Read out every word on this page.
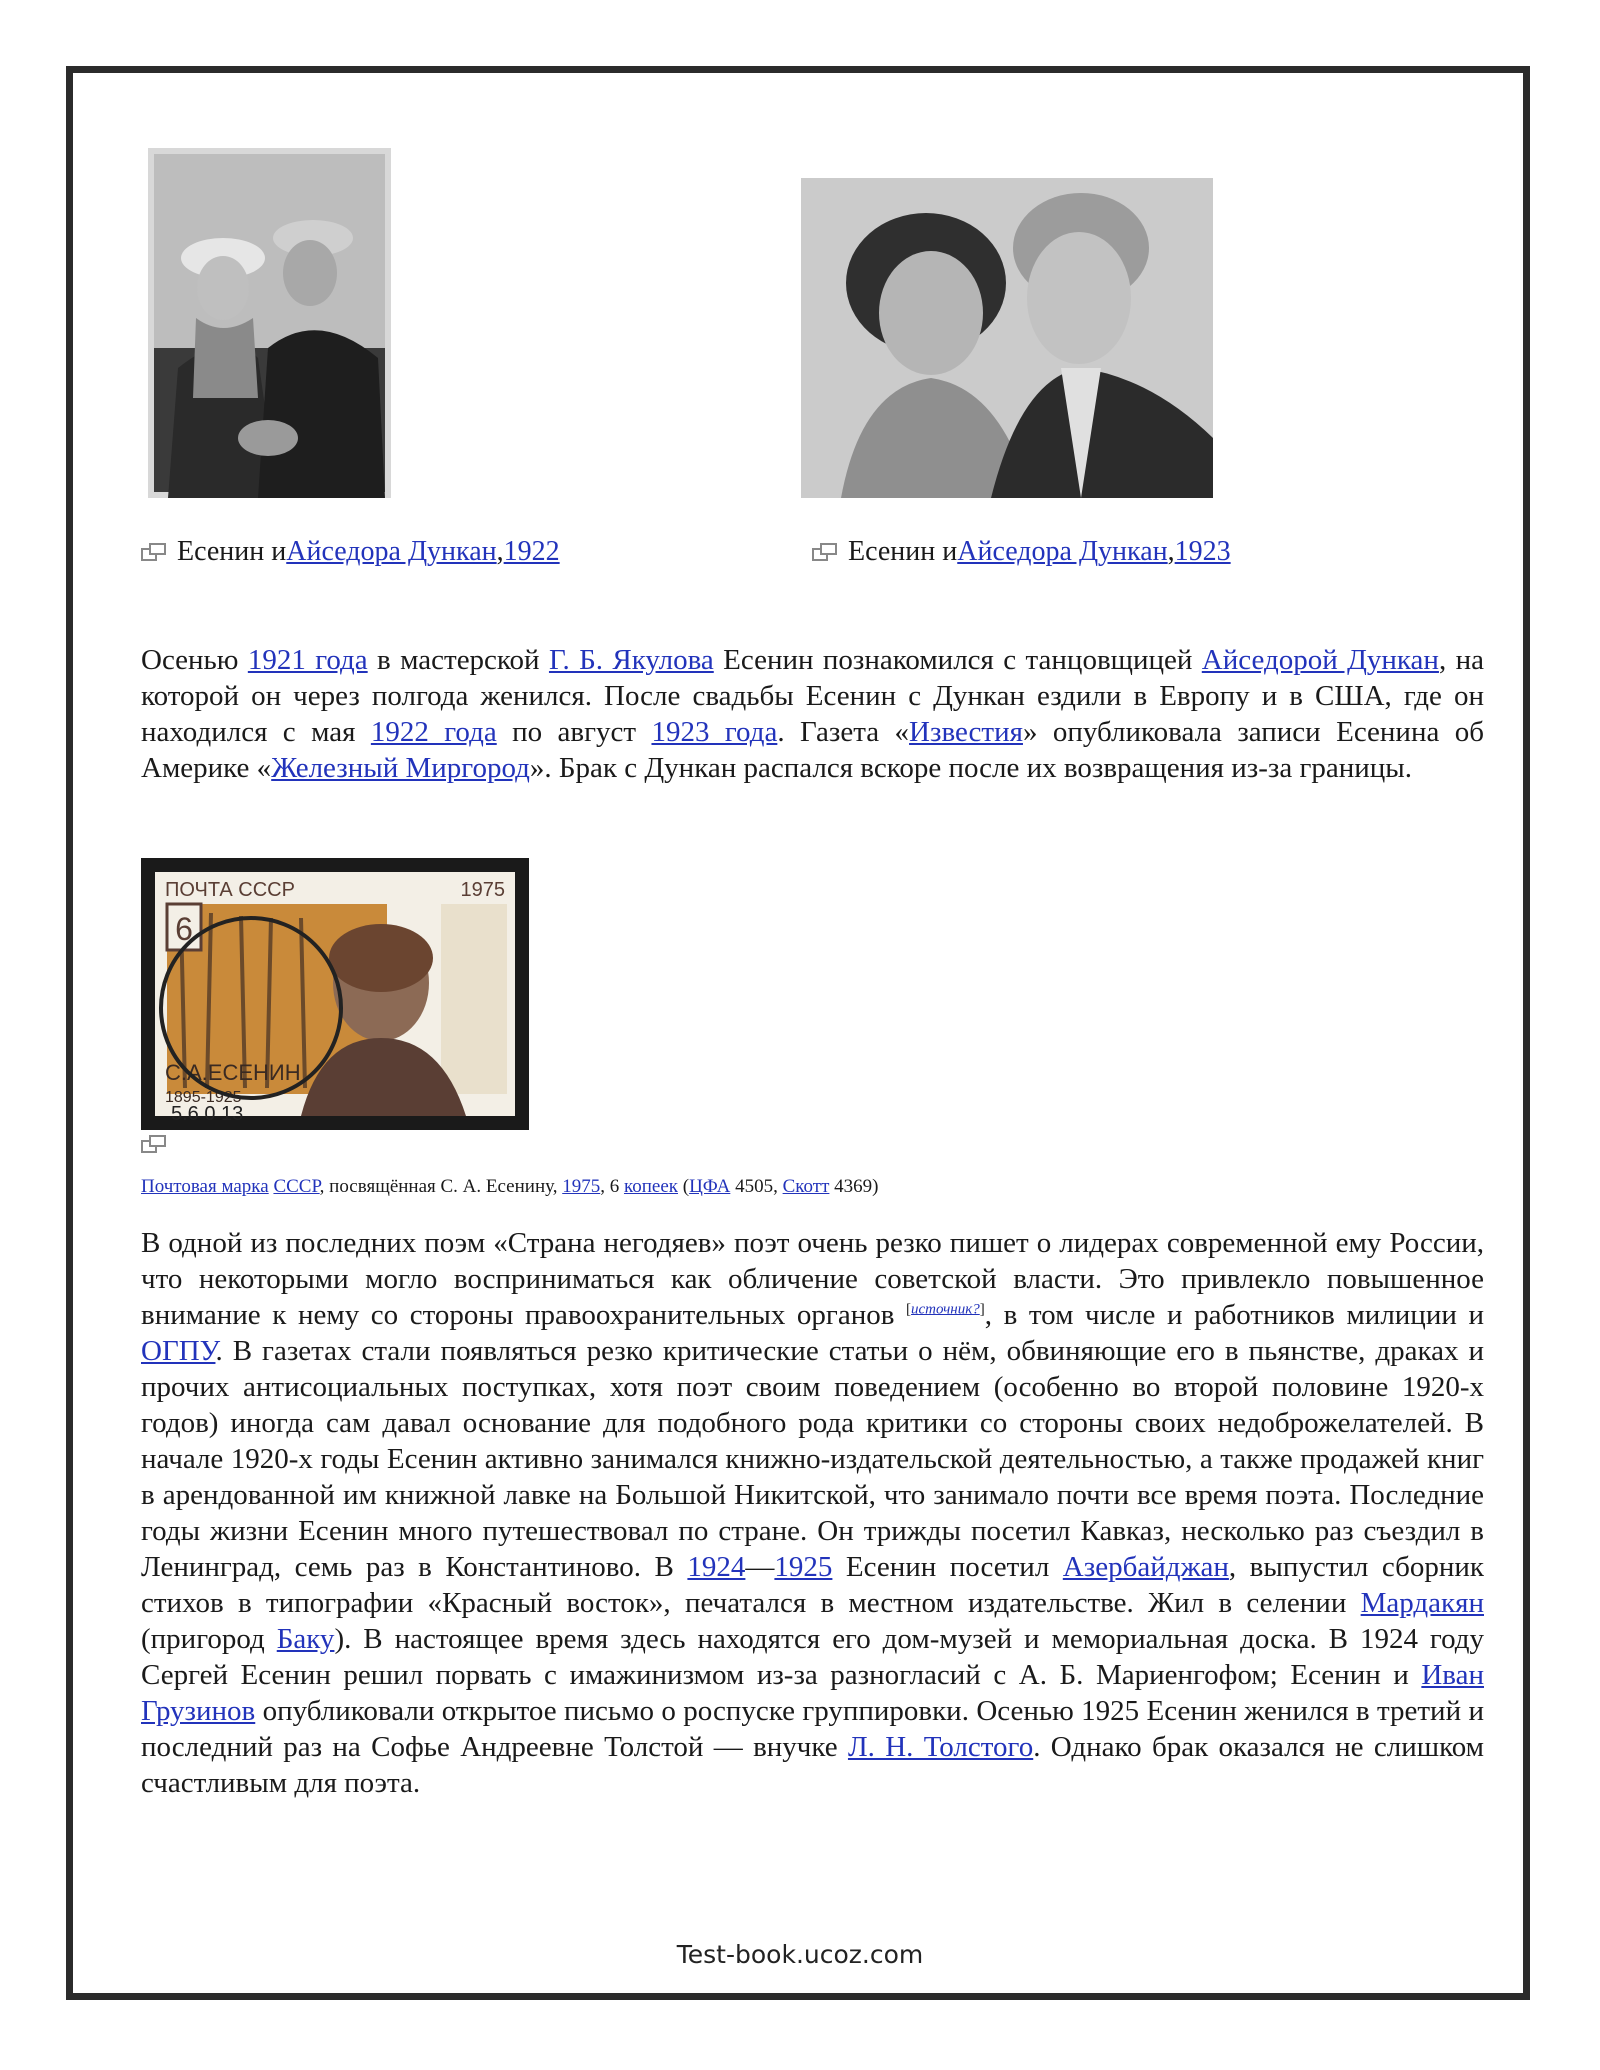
Есенин и Айседора Дункан , 1922	Есенин и Айседора Дункан , 1923
Осенью 1921 года в мастерской Г. Б. Якулова Есенин познакомился с танцовщицей Айседорой Дункан, на которой он через полгода женился. После свадьбы Есенин с Дункан ездили в Европу и в США, где он находился с мая 1922 года по август 1923 года. Газета «Известия» опубликовала записи Есенина об Америке «Железный Миргород». Брак с Дункан распался вскоре после их возвращения из-за границы.
6
ПОЧТА СССР	1975
С.А.ЕСЕНИН
1895-1925
5.6 0 13
Почтовая марка СССР, посвящённая С. А. Есенину, 1975, 6 копеек (ЦФА 4505, Скотт 4369)
В одной из последних поэм «Страна негодяев» поэт очень резко пишет о лидерах современной ему России, что некоторыми могло восприниматься как обличение советской власти. Это привлекло повышенное внимание к нему со стороны правоохранительных органов [источник?], в том числе и работников милиции и ОГПУ. В газетах стали появляться резко критические статьи о нём, обвиняющие его в пьянстве, драках и прочих антисоциальных поступках, хотя поэт своим поведением (особенно во второй половине 1920-х годов) иногда сам давал основание для подобного рода критики со стороны своих недоброжелателей. В начале 1920-х годы Есенин активно занимался книжно-издательской деятельностью, а также продажей книг в арендованной им книжной лавке на Большой Никитской, что занимало почти все время поэта. Последние годы жизни Есенин много путешествовал по стране. Он трижды посетил Кавказ, несколько раз съездил в Ленинград, семь раз в Константиново. В 1924—1925 Есенин посетил Азербайджан, выпустил сборник стихов в типографии «Красный восток», печатался в местном издательстве. Жил в селении Мардакян (пригород Баку). В настоящее время здесь находятся его дом-музей и мемориальная доска. В 1924 году Сергей Есенин решил порвать с имажинизмом из-за разногласий с А. Б. Мариенгофом; Есенин и Иван Грузинов опубликовали открытое письмо о роспуске группировки. Осенью 1925 Есенин женился в третий и последний раз на Софье Андреевне Толстой — внучке Л. Н. Толстого. Однако брак оказался не слишком счастливым для поэта.
Test-book.ucoz.com
